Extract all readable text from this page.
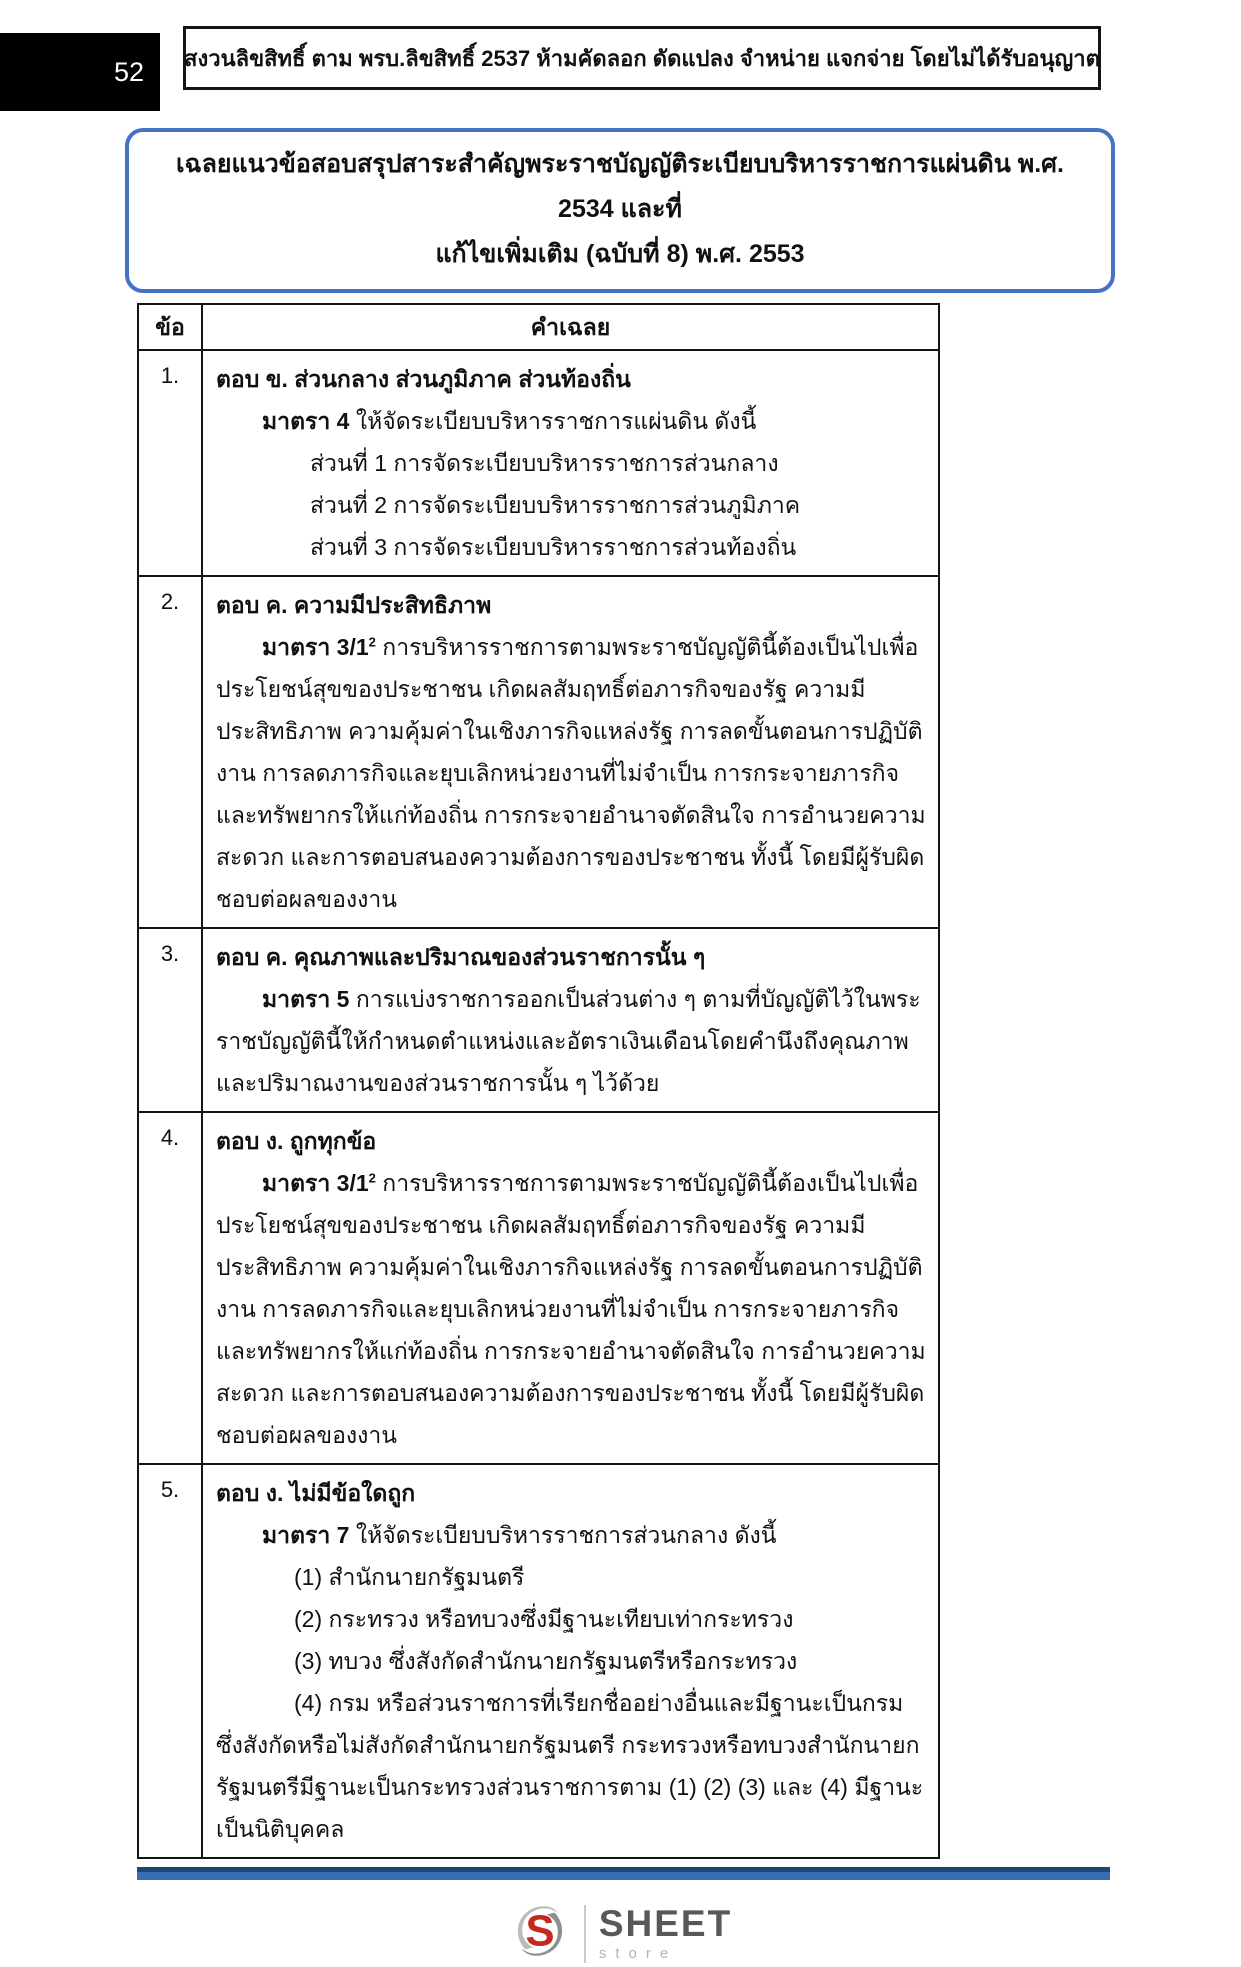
52 สงวนลิขสิทธิ์ ตาม พรบ.ลิขสิทธิ์ 2537 ห้ามคัดลอก ดัดแปลง จำหน่าย แจกจ่าย โดยไม่ได้รับอนุญาต
เฉลยแนวข้อสอบสรุปสาระสำคัญพระราชบัญญัติระเบียบบริหารราชการแผ่นดิน พ.ศ. 2534 และที่
แก้ไขเพิ่มเติม (ฉบับที่ 8) พ.ศ. 2553
ข้อ	คำเฉลย
1.	ตอบ ข. ส่วนกลาง ส่วนภูมิภาค ส่วนท้องถิ่น
มาตรา 4 ให้จัดระเบียบบริหารราชการแผ่นดิน ดังนี้
ส่วนที่ 1 การจัดระเบียบบริหารราชการส่วนกลาง
ส่วนที่ 2 การจัดระเบียบบริหารราชการส่วนภูมิภาค
ส่วนที่ 3 การจัดระเบียบบริหารราชการส่วนท้องถิ่น

2.	ตอบ ค. ความมีประสิทธิภาพ
มาตรา $3/1^2$ การบริหารราชการตามพระราชบัญญัตินี้ต้องเป็นไปเพื่อประโยชน์สุขของประชาชน เกิดผลสัมฤทธิ์ต่อภารกิจของรัฐ ความมีประสิทธิภาพ ความคุ้มค่าในเชิงภารกิจแหล่งรัฐ การลดขั้นตอนการปฏิบัติงาน การลดภารกิจและยุบเลิกหน่วยงานที่ไม่จำเป็น การกระจายภารกิจและทรัพยากรให้แก่ท้องถิ่น การกระจายอำนาจตัดสินใจ การอำนวยความสะดวก และการตอบสนองความต้องการของประชาชน ทั้งนี้ โดยมีผู้รับผิดชอบต่อผลของงาน

3.	ตอบ ค. คุณภาพและปริมาณของส่วนราชการนั้น ๆ
มาตรา 5 การแบ่งราชการออกเป็นส่วนต่าง ๆ ตามที่บัญญัติไว้ในพระราชบัญญัตินี้ให้กำหนดตำแหน่งและอัตราเงินเดือนโดยคำนึงถึงคุณภาพและปริมาณงานของส่วนราชการนั้น ๆ ไว้ด้วย

4.	ตอบ ง. ถูกทุกข้อ
มาตรา $3/1^2$ การบริหารราชการตามพระราชบัญญัตินี้ต้องเป็นไปเพื่อประโยชน์สุขของประชาชน เกิดผลสัมฤทธิ์ต่อภารกิจของรัฐ ความมีประสิทธิภาพ ความคุ้มค่าในเชิงภารกิจแหล่งรัฐ การลดขั้นตอนการปฏิบัติงาน การลดภารกิจและยุบเลิกหน่วยงานที่ไม่จำเป็น การกระจายภารกิจและทรัพยากรให้แก่ท้องถิ่น การกระจายอำนาจตัดสินใจ การอำนวยความสะดวก และการตอบสนองความต้องการของประชาชน ทั้งนี้ โดยมีผู้รับผิดชอบต่อผลของงาน

5.	ตอบ ง. ไม่มีข้อใดถูก
มาตรา 7 ให้จัดระเบียบบริหารราชการส่วนกลาง ดังนี้
(1) สำนักนายกรัฐมนตรี
(2) กระทรวง หรือทบวงซึ่งมีฐานะเทียบเท่ากระทรวง
(3) ทบวง ซึ่งสังกัดสำนักนายกรัฐมนตรีหรือกระทรวง
(4) กรม หรือส่วนราชการที่เรียกชื่ออย่างอื่นและมีฐานะเป็นกรม ซึ่งสังกัดหรือไม่สังกัดสำนักนายกรัฐมนตรี กระทรวงหรือทบวงสำนักนายกรัฐมนตรีมีฐานะเป็นกระทรวงส่วนราชการตาม (1) (2) (3) และ (4) มีฐานะเป็นนิติบุคคล
S SHEET
store
